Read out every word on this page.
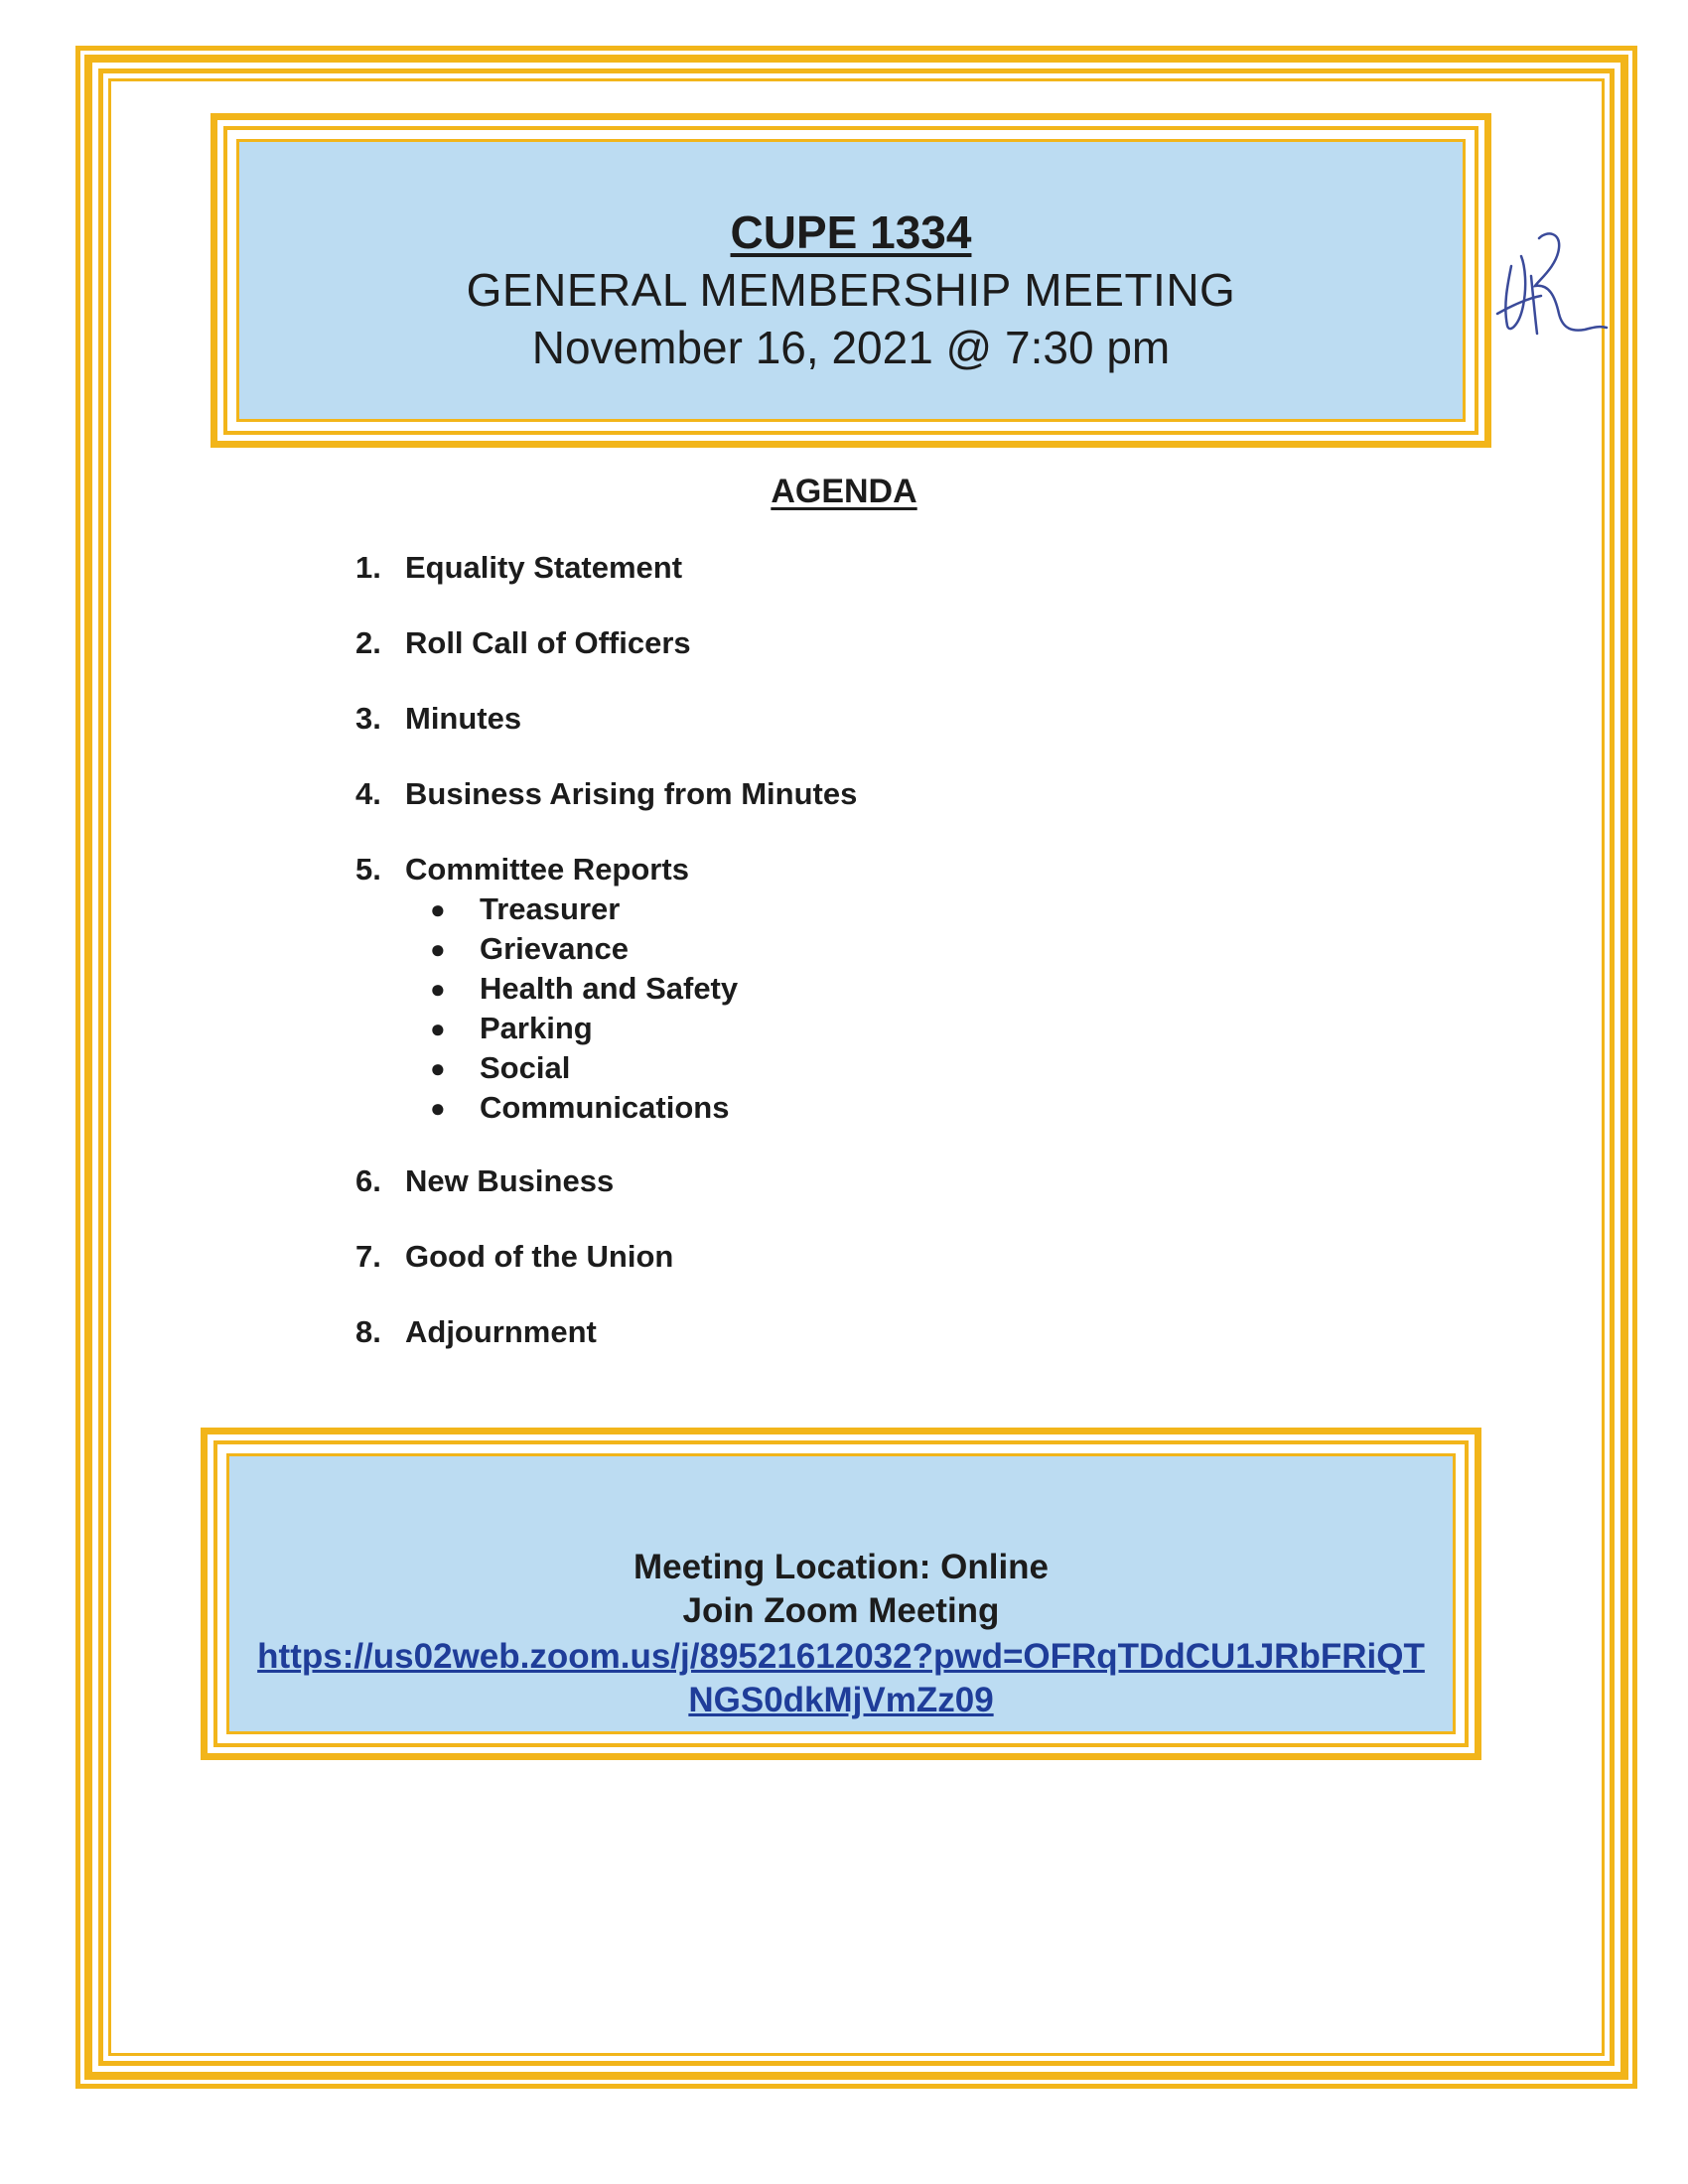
CUPE 1334
GENERAL MEMBERSHIP MEETING
November 16, 2021 @ 7:30 pm
AGENDA
1. Equality Statement
2. Roll Call of Officers
3. Minutes
4. Business Arising from Minutes
5. Committee Reports
●	Treasurer
●	Grievance
●	Health and Safety
●	Parking
●	Social
●	Communications
6. New Business
7. Good of the Union
8. Adjournment
Meeting Location: Online
Join Zoom Meeting
https://us02web.zoom.us/j/89521612032?pwd=OFRqTDdCU1JRbFRiQTNGS0dkMjVmZz09
